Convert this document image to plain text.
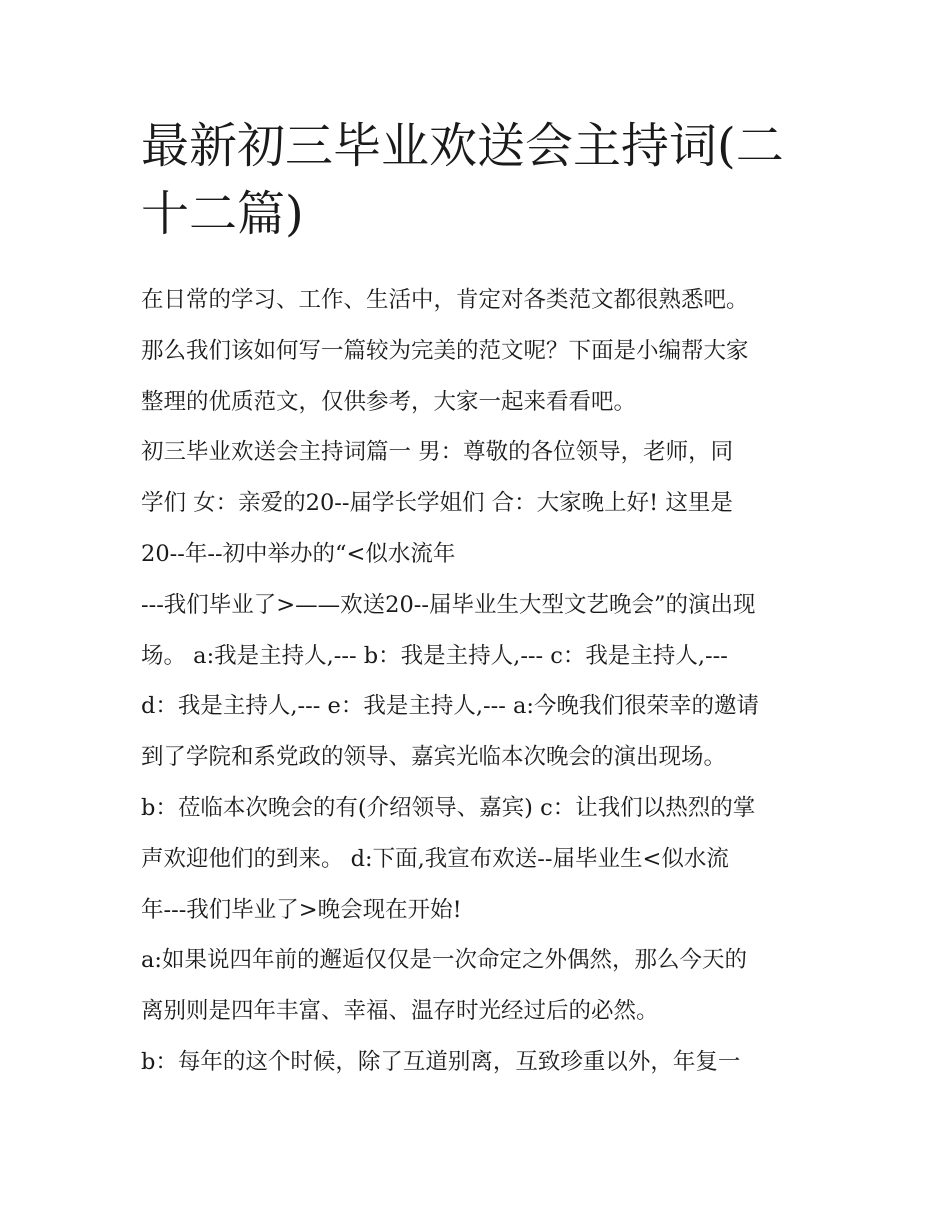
最新初三毕业欢送会主持词(二
十二篇)
在日常的学习、工作、生活中，肯定对各类范文都很熟悉吧。
那么我们该如何写一篇较为完美的范文呢？下面是小编帮大家
整理的优质范文，仅供参考，大家一起来看看吧。
初三毕业欢送会主持词篇一 男：尊敬的各位领导，老师，同
学们 女：亲爱的20--届学长学姐们 合：大家晚上好! 这里是
20--年--初中举办的“<似水流年
---我们毕业了>——欢送20--届毕业生大型文艺晚会”的演出现
场。 a:我是主持人,--- b：我是主持人,--- c：我是主持人,---
d：我是主持人,--- e：我是主持人,--- a:今晚我们很荣幸的邀请
到了学院和系党政的领导、嘉宾光临本次晚会的演出现场。
b：莅临本次晚会的有(介绍领导、嘉宾) c：让我们以热烈的掌
声欢迎他们的到来。 d:下面,我宣布欢送--届毕业生<似水流
年---我们毕业了>晚会现在开始!
a:如果说四年前的邂逅仅仅是一次命定之外偶然，那么今天的
离别则是四年丰富、幸福、温存时光经过后的必然。
b：每年的这个时候，除了互道别离，互致珍重以外，年复一
